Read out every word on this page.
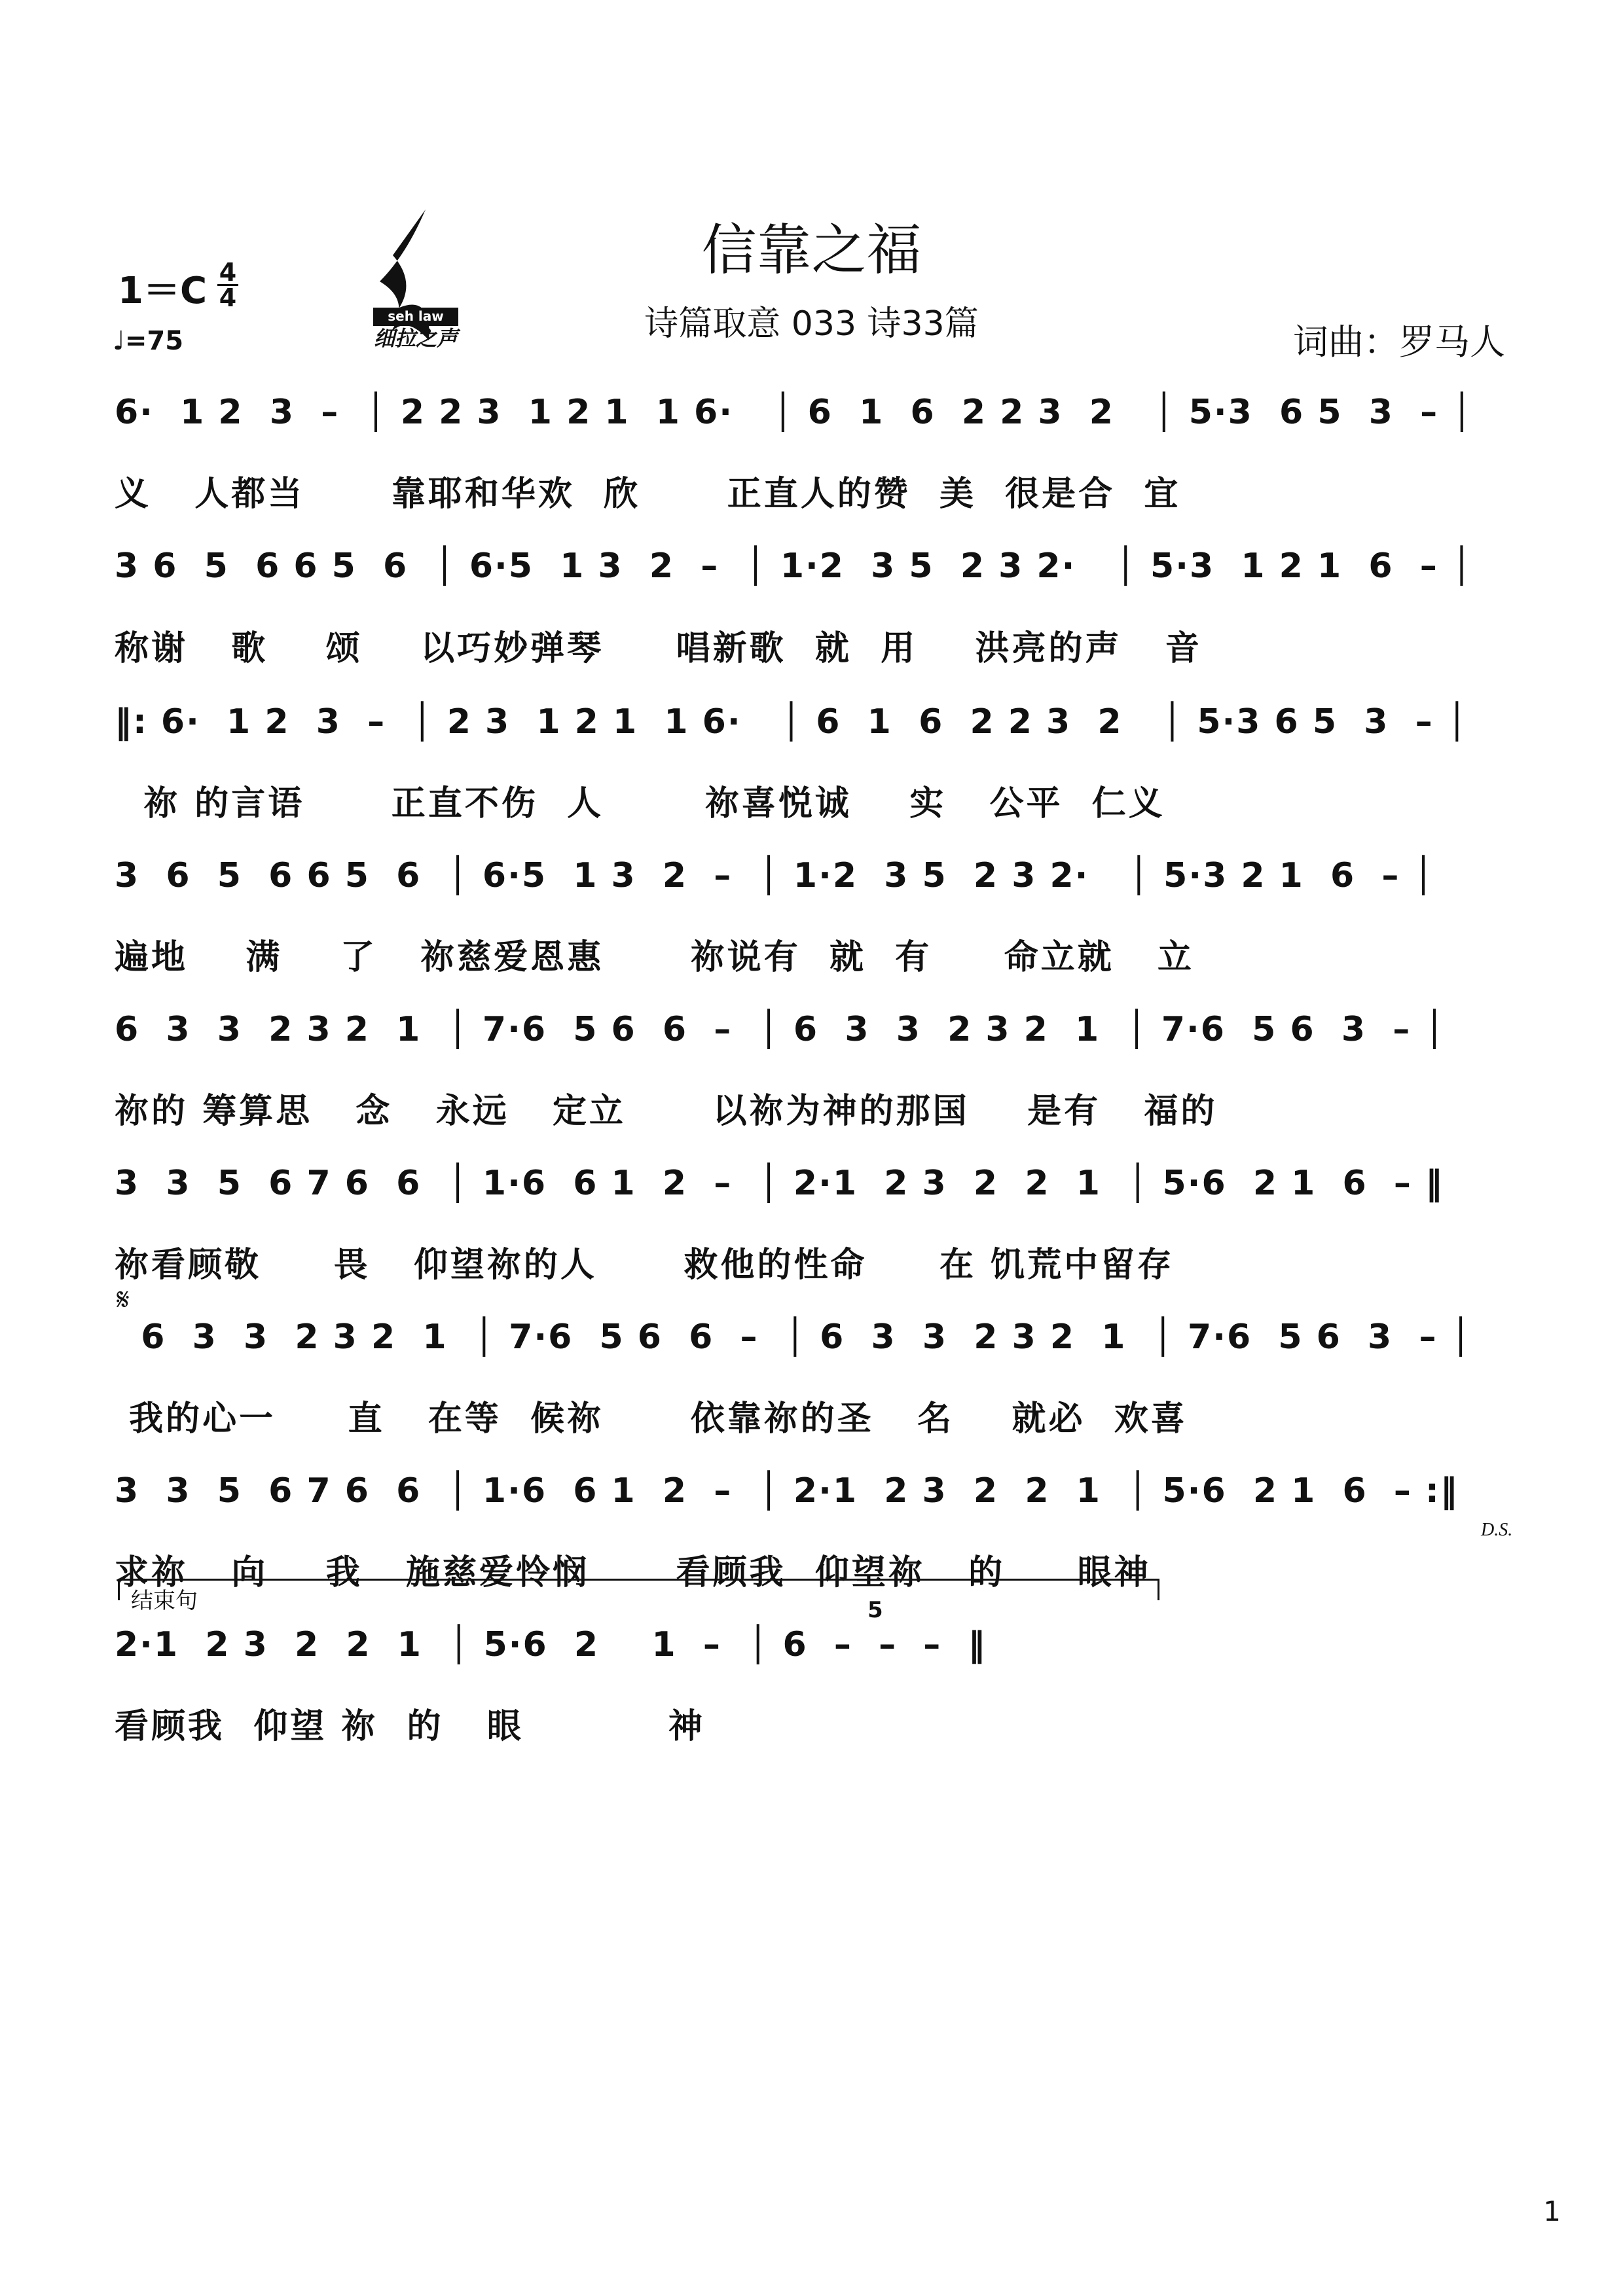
信靠之福
诗篇取意 033 诗33篇	词曲：罗马人
1＝C 4
4
♩=75
seh law
细拉之声
6·  1 2  3  –  │ 2 2 3  1 2 1  1 6·   │ 6  1  6  2 2 3  2   │ 5·3  6 5  3  – │
义   人都当      靠耶和华欢  欣      正直人的赞  美  很是合  宜
3 6  5  6 6 5  6  │ 6·5  1 3  2  –  │ 1·2  3 5  2 3 2·   │ 5·3  1 2 1  6  – │
称谢   歌    颂    以巧妙弹琴     唱新歌  就  用    洪亮的声   音
‖: 6·  1 2  3  –  │ 2 3  1 2 1  1 6·   │ 6  1  6  2 2 3  2   │ 5·3 6 5  3  – │
祢 的言语      正直不伤  人       祢喜悦诚    实   公平  仁义
3  6  5  6 6 5  6  │ 6·5  1 3  2  –  │ 1·2  3 5  2 3 2·   │ 5·3 2 1  6  – │
遍地    满    了   祢慈爱恩惠      祢说有  就  有     命立就   立
6  3  3  2 3 2  1  │ 7·6  5 6  6  –  │ 6  3  3  2 3 2  1  │ 7·6  5 6  3  – │
祢的 筹算思   念   永远   定立      以祢为神的那国    是有   福的
3  3  5  6 7 6  6  │ 1·6  6 1  2  –  │ 2·1  2 3  2  2  1  │ 5·6  2 1  6  – ‖
祢看顾敬     畏   仰望祢的人      救他的性命     在 饥荒中留存
𝄋
6  3  3  2 3 2  1  │ 7·6  5 6  6  –  │ 6  3  3  2 3 2  1  │ 7·6  5 6  3  – │
我的心一     直   在等  候祢      依靠祢的圣   名    就必  欢喜
3  3  5  6 7 6  6  │ 1·6  6 1  2  –  │ 2·1  2 3  2  2  1  │ 5·6  2 1  6  – :‖
D.S.
求祢   向    我   施慈爱怜悯      看顾我  仰望祢   的     眼神
结束句	5
2·1  2 3  2  2  1  │ 5·6  2    1  –  │ 6  –  –  –  ‖
看顾我  仰望 祢  的   眼          神
1
